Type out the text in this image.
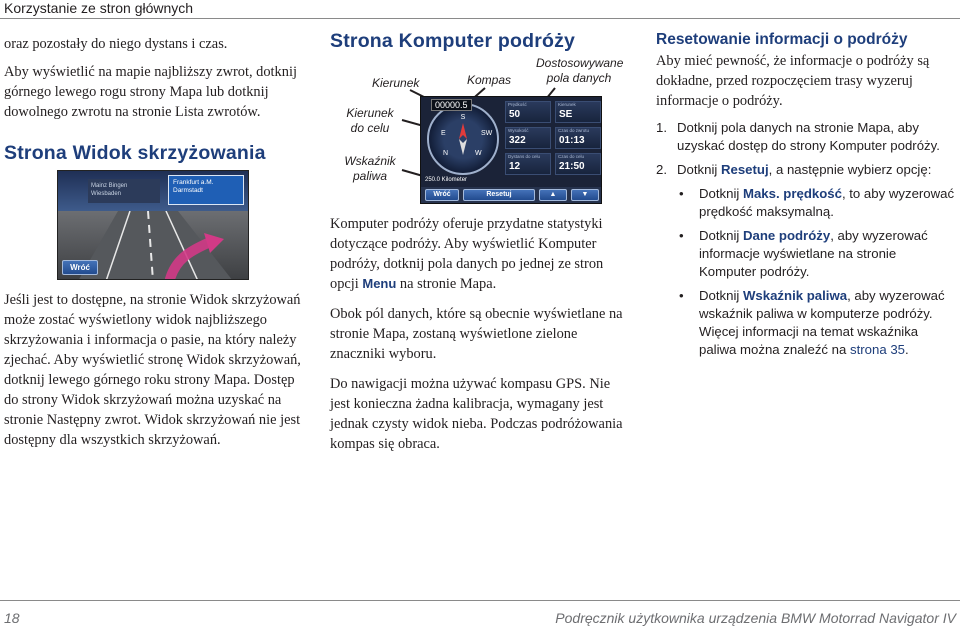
Korzystanie ze stron głównych

oraz pozostały do niego dystans i czas.

Aby wyświetlić na mapie najbliższy zwrot, dotknij górnego lewego rogu strony Mapa lub dotknij dowolnego zwrotu na stronie Lista zwrotów.

Strona Widok skrzyżowania
Jeśli jest to dostępne, na stronie Widok skrzyżowań może zostać wyświetlony widok najbliższego skrzyżowania i informacja o pasie, na który należy zjechać. Aby wyświetlić stronę Widok skrzyżowań, dotknij lewego górnego roku strony Mapa. Dostęp do strony Widok skrzyżowań można uzyskać na stronie Następny zwrot. Widok skrzyżowań nie jest dostępny dla wszystkich skrzyżowań.
Mainz Bingen Wiesbaden
Frankfurt a.M. Darmstadt
Wróć
Strona Komputer podróży

Komputer podróży oferuje przydatne statystyki dotyczące podróży. Aby wyświetlić Komputer podróży, dotknij pola danych po jednej ze stron opcji Menu na stronie Mapa.

Obok pól danych, które są obecnie wyświetlane na stronie Mapa, zostaną wyświetlone zielone znaczniki wyboru.

Do nawigacji można używać kompasu GPS. Nie jest konieczna żadna kalibracja, wymagany jest jednak czysty widok nieba. Podczas podróżowania kompas się obraca.

Kierunek	Kompas
Dostosowywane pola danych
Kierunek do celu
Wskaźnik paliwa
S
E	SW
N	W
00000.5
250.0 Kilometer
Prędkość
50
Kierunek
SE
Wysokość
322
Czas do zwrotu
01:13
Dystans do celu
12
Czas do celu
21:50
Wróć	Resetuj	▲	▼
Resetowanie informacji o podróży

Aby mieć pewność, że informacje o podróży są dokładne, przed rozpoczęciem trasy wyzeruj informacje o podróży.

1. Dotknij pola danych na stronie Mapa, aby uzyskać dostęp do strony Komputer podróży.
2. Dotknij Resetuj, a następnie wybierz opcję:
• Dotknij Maks. prędkość, to aby wyzerować prędkość maksymalną.
• Dotknij Dane podróży, aby wyzerować informacje wyświetlane na stronie Komputer podróży.
• Dotknij Wskaźnik paliwa, aby wyzerować wskaźnik paliwa w komputerze podróży. Więcej informacji na temat wskaźnika paliwa można znaleźć na strona 35.
18	Podręcznik użytkownika urządzenia BMW Motorrad Navigator IV
